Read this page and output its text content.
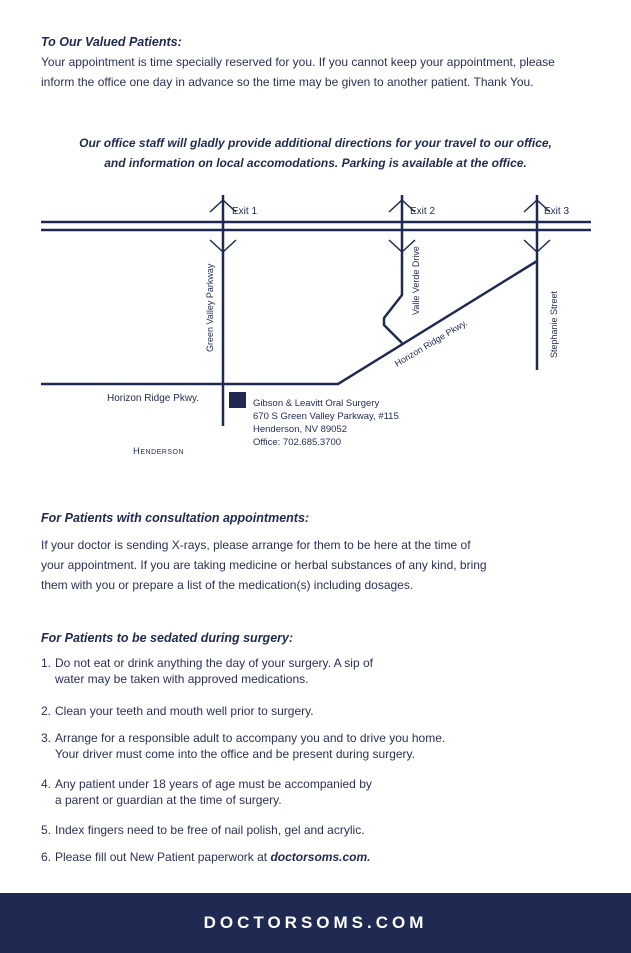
To Our Valued Patients:
Your appointment is time specially reserved for you. If you cannot keep your appointment, please
inform the office one day in advance so the time may be given to another patient. Thank You.
Our office staff will gladly provide additional directions for your travel to our office,
and information on local accomodations. Parking is available at the office.
Exit 1	Exit 2	Exit 3
Green Valley Parkway	Valle Verde Drive
Stephanie Street
Horizon Ridge Pkwy.
Horizon Ridge Pkwy.
Henderson
Gibson & Leavitt Oral Surgery
670 S Green Valley Parkway, #115
Henderson, NV 89052
Office: 702.685.3700
For Patients with consultation appointments:
If your doctor is sending X-rays, please arrange for them to be here at the time of
your appointment. If you are taking medicine or herbal substances of any kind, bring
them with you or prepare a list of the medication(s) including dosages.
For Patients to be sedated during surgery:
1. Do not eat or drink anything the day of your surgery. A sip of
water may be taken with approved medications.
2. Clean your teeth and mouth well prior to surgery.
3. Arrange for a responsible adult to accompany you and to drive you home.
Your driver must come into the office and be present during surgery.
4. Any patient under 18 years of age must be accompanied by
a parent or guardian at the time of surgery.
5. Index fingers need to be free of nail polish, gel and acrylic.
6. Please fill out New Patient paperwork at doctorsoms.com.
DOCTORSOMS.COM
